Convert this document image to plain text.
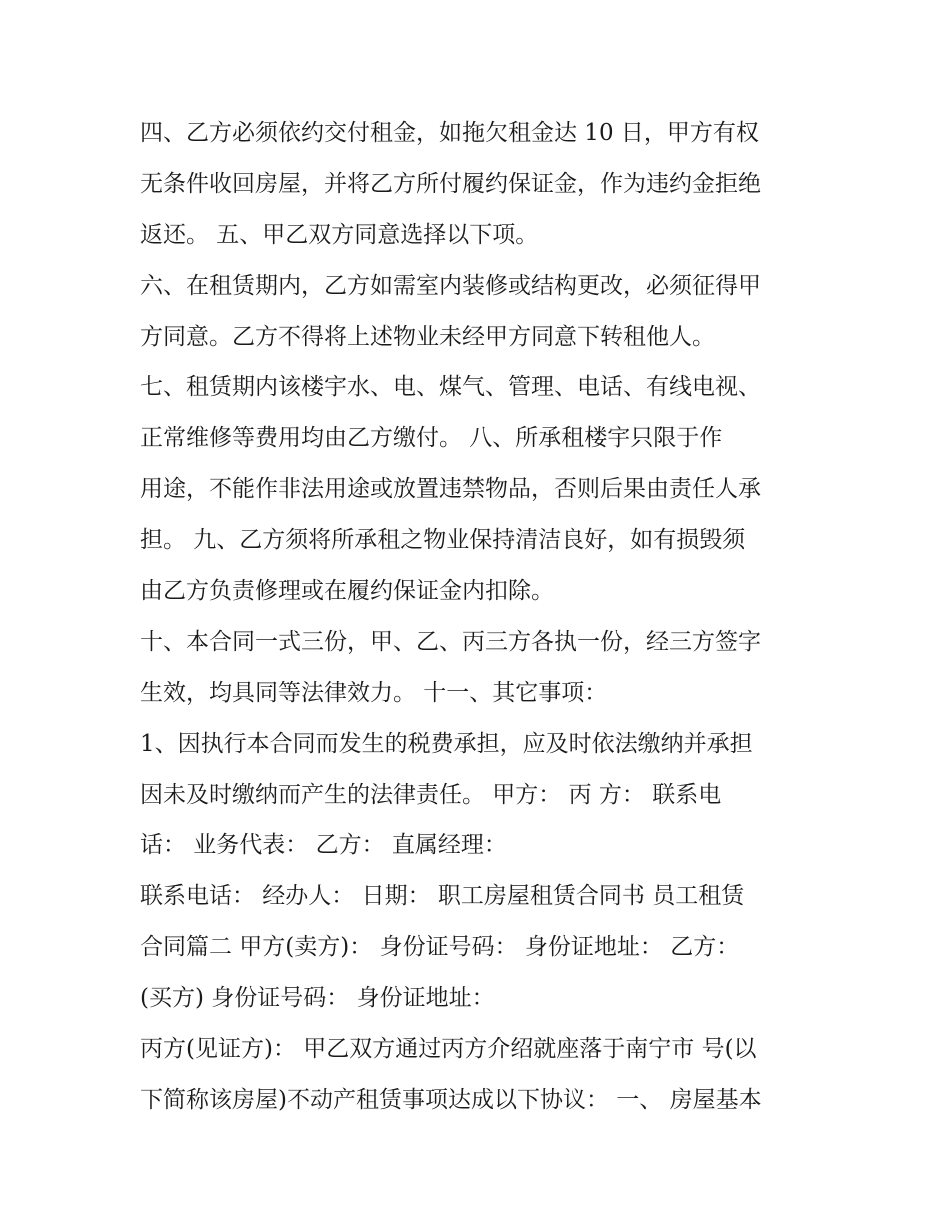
四、乙方必须依约交付租金，如拖欠租金达 10 日，甲方有权
无条件收回房屋，并将乙方所付履约保证金，作为违约金拒绝
返还。 五、甲乙双方同意选择以下项。
六、在租赁期内，乙方如需室内装修或结构更改，必须征得甲
方同意。乙方不得将上述物业未经甲方同意下转租他人。
七、租赁期内该楼宇水、电、煤气、管理、电话、有线电视、
正常维修等费用均由乙方缴付。 八、所承租楼宇只限于作
用途，不能作非法用途或放置违禁物品，否则后果由责任人承
担。 九、乙方须将所承租之物业保持清洁良好，如有损毁须
由乙方负责修理或在履约保证金内扣除。
十、本合同一式三份，甲、乙、丙三方各执一份，经三方签字
生效，均具同等法律效力。 十一、其它事项：
1、因执行本合同而发生的税费承担，应及时依法缴纳并承担
因未及时缴纳而产生的法律责任。 甲方： 丙 方： 联系电
话： 业务代表： 乙方： 直属经理：
联系电话： 经办人： 日期： 职工房屋租赁合同书 员工租赁
合同篇二 甲方(卖方)： 身份证号码： 身份证地址： 乙方：
(买方) 身份证号码： 身份证地址：
丙方(见证方)： 甲乙双方通过丙方介绍就座落于南宁市 号(以
下简称该房屋)不动产租赁事项达成以下协议： 一、 房屋基本
